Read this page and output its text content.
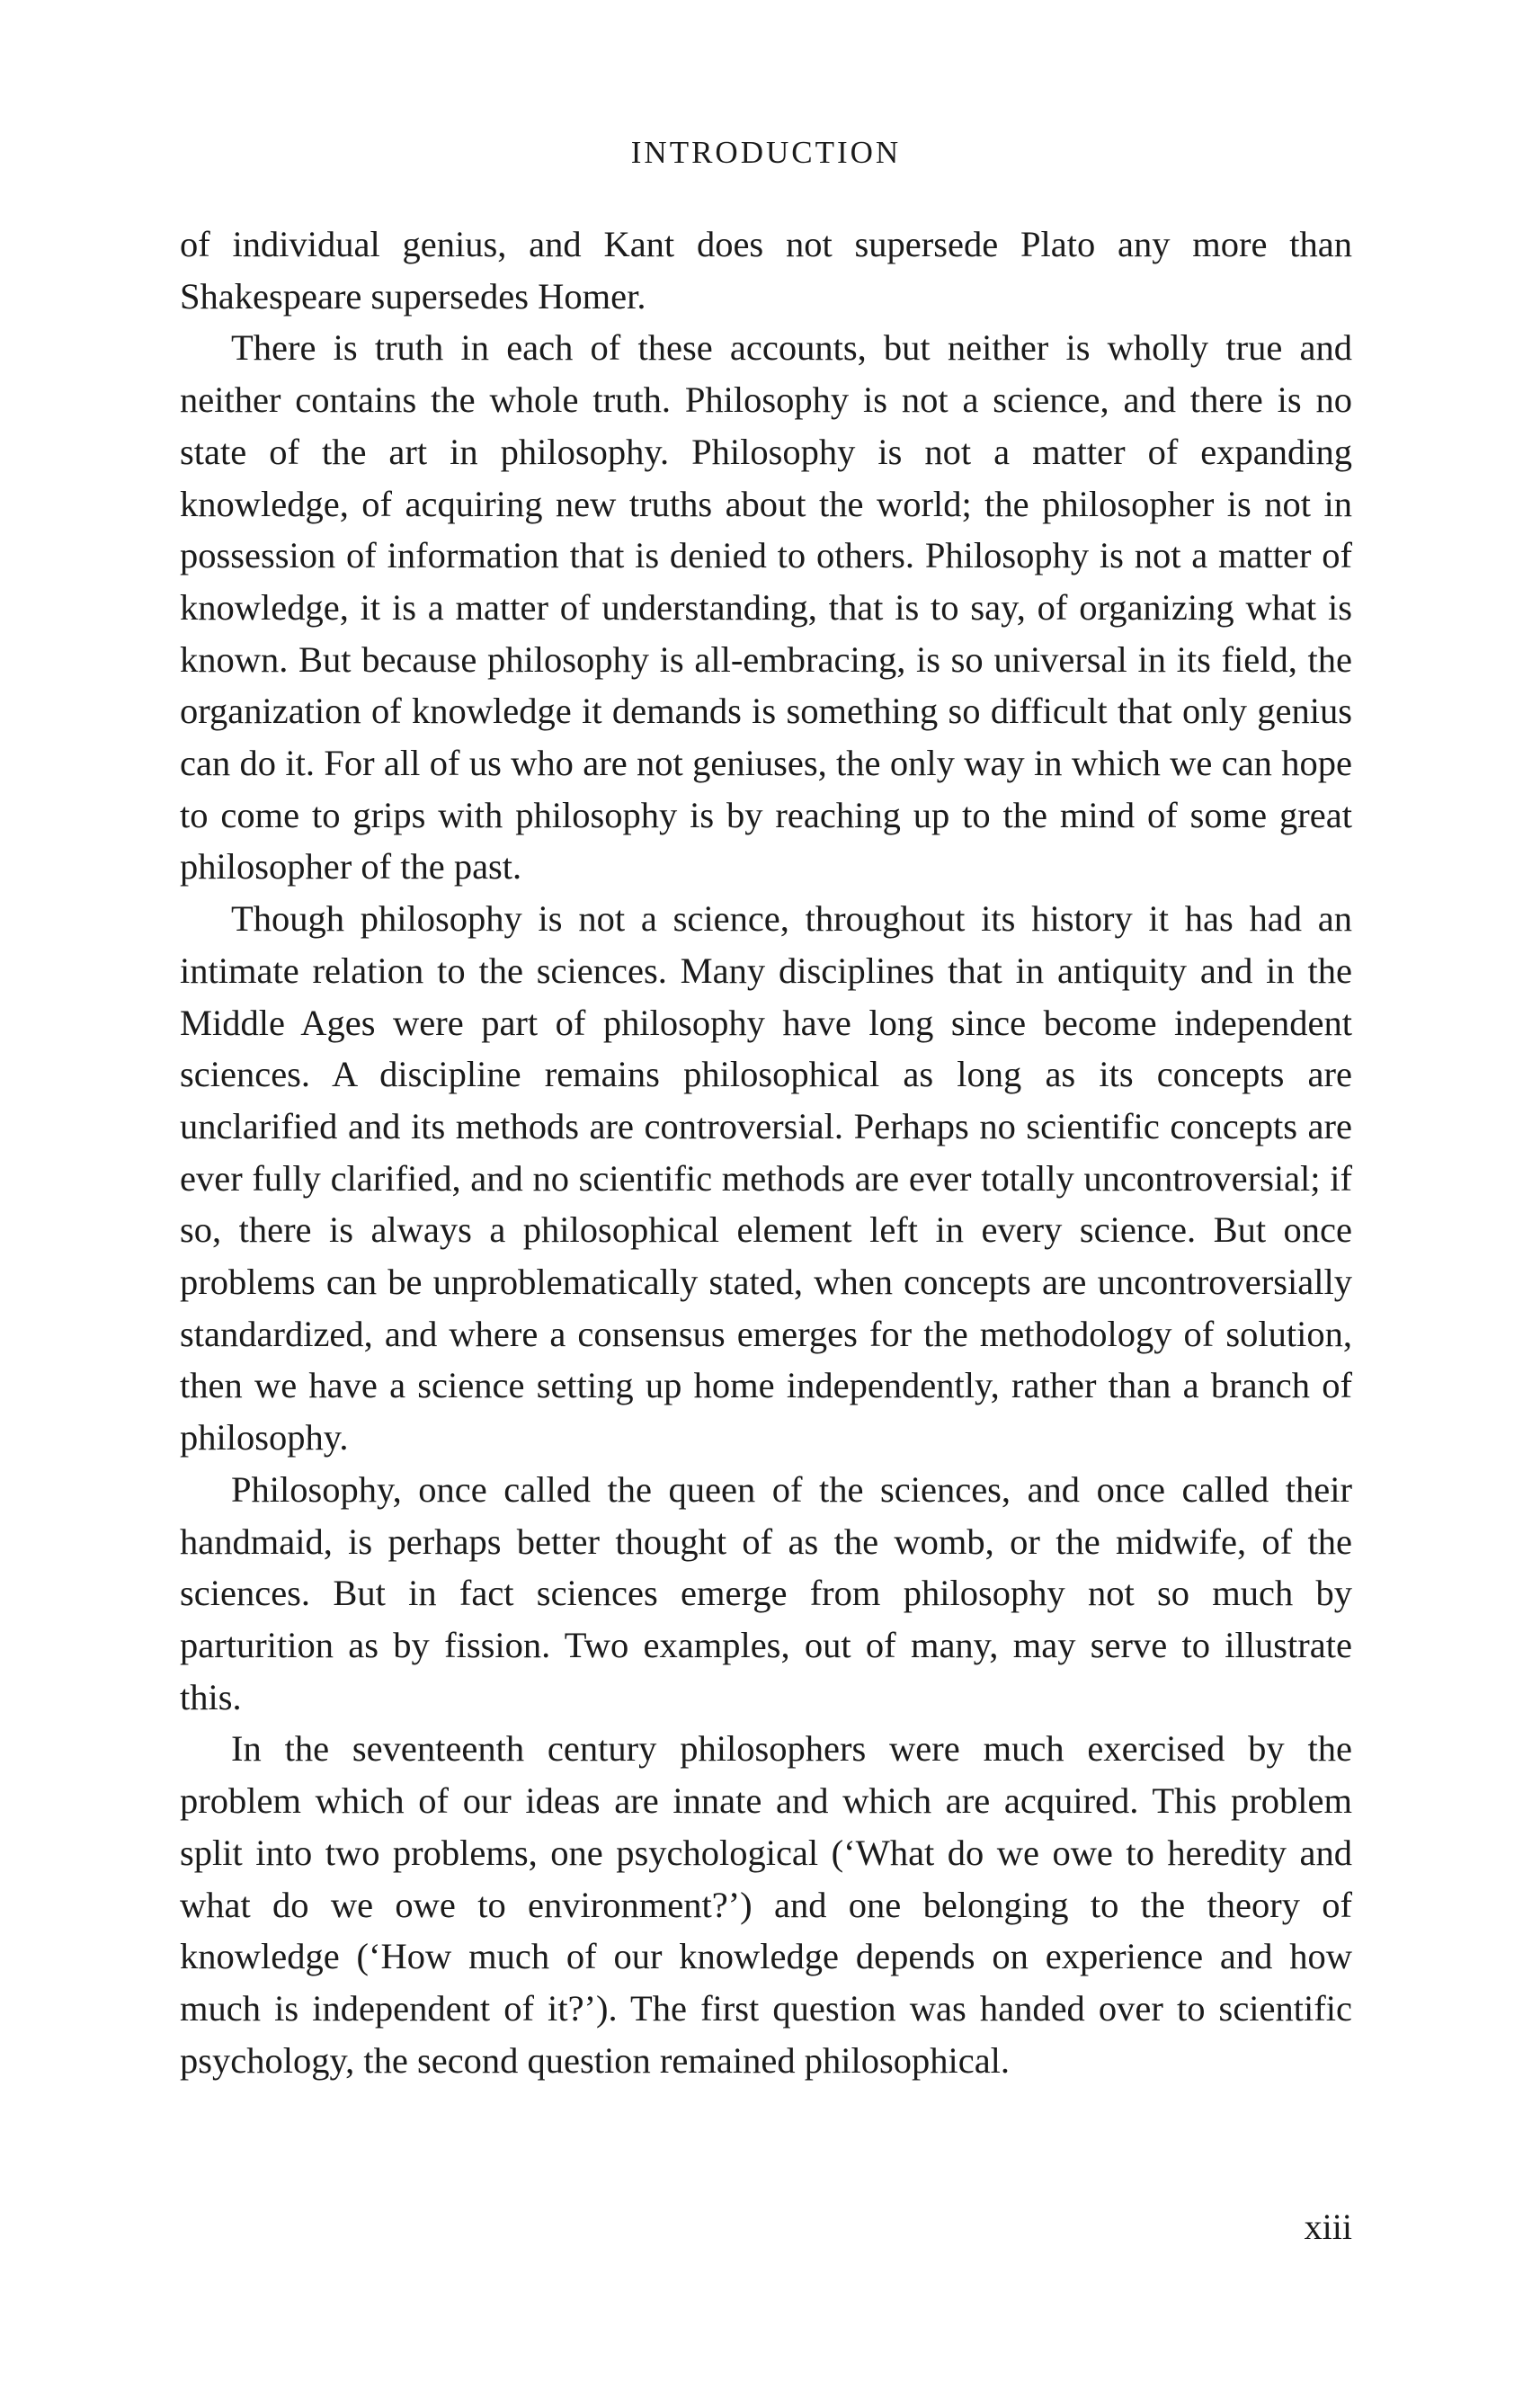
INTRODUCTION

of individual genius, and Kant does not supersede Plato any more than Shakespeare supersedes Homer.

There is truth in each of these accounts, but neither is wholly true and neither contains the whole truth. Philosophy is not a science, and there is no state of the art in philosophy. Philosophy is not a matter of expanding knowledge, of acquiring new truths about the world; the philosopher is not in possession of information that is denied to others. Philosophy is not a matter of knowledge, it is a matter of understanding, that is to say, of organizing what is known. But because philosophy is all-embracing, is so universal in its field, the organization of knowledge it demands is something so difficult that only genius can do it. For all of us who are not geniuses, the only way in which we can hope to come to grips with philosophy is by reaching up to the mind of some great philosopher of the past.

Though philosophy is not a science, throughout its history it has had an intimate relation to the sciences. Many disciplines that in antiquity and in the Middle Ages were part of philosophy have long since become independent sciences. A discipline remains philosophical as long as its concepts are unclarified and its methods are controversial. Perhaps no scientific concepts are ever fully clarified, and no scientific methods are ever totally uncontroversial; if so, there is always a philosophical element left in every science. But once problems can be unproblematically stated, when concepts are uncontroversially standardized, and where a consensus emerges for the methodology of solution, then we have a science setting up home independently, rather than a branch of philosophy.

Philosophy, once called the queen of the sciences, and once called their handmaid, is perhaps better thought of as the womb, or the midwife, of the sciences. But in fact sciences emerge from philosophy not so much by parturition as by fission. Two examples, out of many, may serve to illustrate this.

In the seventeenth century philosophers were much exercised by the problem which of our ideas are innate and which are acquired. This problem split into two problems, one psychological (‘What do we owe to heredity and what do we owe to environment?’) and one belonging to the theory of knowledge (‘How much of our knowledge depends on experience and how much is independent of it?’). The first question was handed over to scientific psychology, the second question remained philosophical.

xiii
